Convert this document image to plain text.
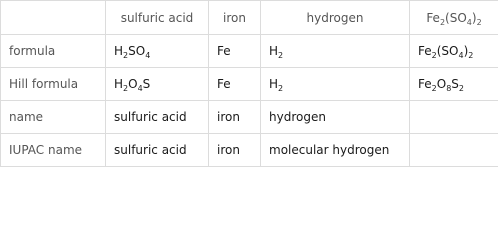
	sulfuric acid	iron	hydrogen	$Fe_2(SO_4)_2$
formula	$H_2SO_4$	Fe	$H_2$	$Fe_2(SO_4)_2$
Hill formula	$H_2O_4S$	Fe	$H_2$	$Fe_2O_8S_2$
name	sulfuric acid	iron	hydrogen	
IUPAC name	sulfuric acid	iron	molecular hydrogen	
